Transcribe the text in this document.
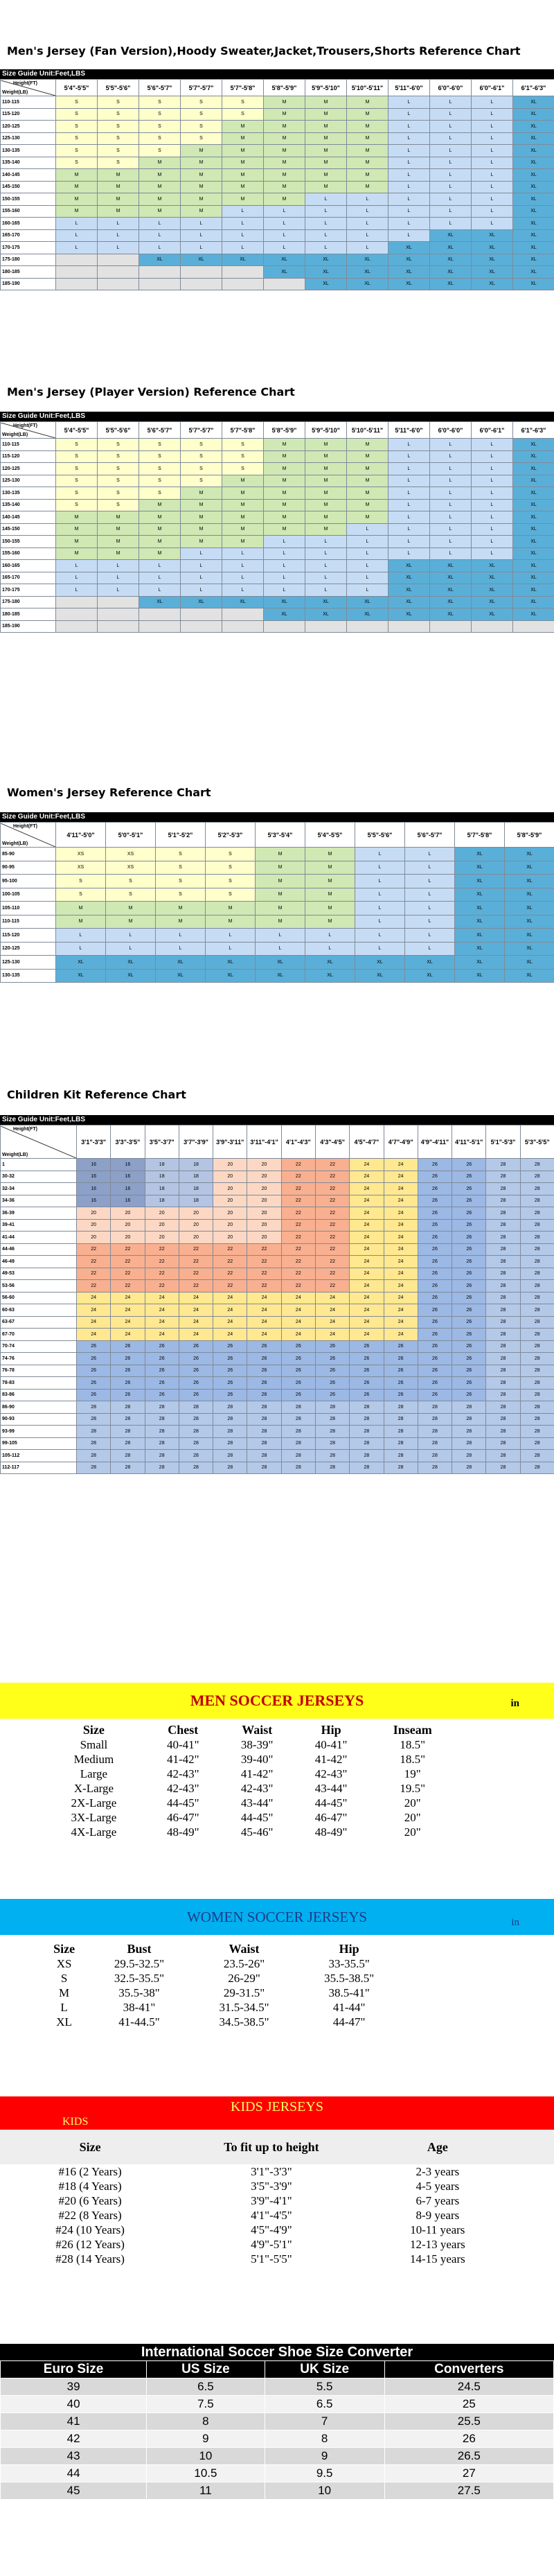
Men's Jersey (Fan Version),Hoody Sweater,Jacket,Trousers,Shorts Reference Chart
Size Guide Unit:Feet,LBS
Height(FT)
Weight(LB)	5'4"-5'5"	5'5"-5'6"	5'6"-5'7"	5'7"-5'7"	5'7"-5'8"	5'8"-5'9"	5'9"-5'10"	5'10"-5'11"	5'11"-6'0"	6'0"-6'0"	6'0"-6'1"	6'1"-6'3"
110-115	S	S	S	S	S	M	M	M	L	L	L	XL
115-120	S	S	S	S	S	M	M	M	L	L	L	XL
120-125	S	S	S	S	M	M	M	M	L	L	L	XL
125-130	S	S	S	S	M	M	M	M	L	L	L	XL
130-135	S	S	S	M	M	M	M	M	L	L	L	XL
135-140	S	S	M	M	M	M	M	M	L	L	L	XL
140-145	M	M	M	M	M	M	M	M	L	L	L	XL
145-150	M	M	M	M	M	M	M	M	L	L	L	XL
150-155	M	M	M	M	M	M	L	L	L	L	L	XL
155-160	M	M	M	M	L	L	L	L	L	L	L	XL
160-165	L	L	L	L	L	L	L	L	L	L	L	XL
165-170	L	L	L	L	L	L	L	L	L	XL	XL	XL
170-175	L	L	L	L	L	L	L	L	XL	XL	XL	XL
175-180			XL	XL	XL	XL	XL	XL	XL	XL	XL	XL
180-185						XL	XL	XL	XL	XL	XL	XL
185-190							XL	XL	XL	XL	XL	XL
Men's Jersey (Player Version) Reference Chart
Size Guide Unit:Feet,LBS
Height(FT)
Weight(LB)	5'4"-5'5"	5'5"-5'6"	5'6"-5'7"	5'7"-5'7"	5'7"-5'8"	5'8"-5'9"	5'9"-5'10"	5'10"-5'11"	5'11"-6'0"	6'0"-6'0"	6'0"-6'1"	6'1"-6'3"
110-115	S	S	S	S	S	M	M	M	L	L	L	XL
115-120	S	S	S	S	S	M	M	M	L	L	L	XL
120-125	S	S	S	S	S	M	M	M	L	L	L	XL
125-130	S	S	S	S	M	M	M	M	L	L	L	XL
130-135	S	S	S	M	M	M	M	M	L	L	L	XL
135-140	S	S	M	M	M	M	M	M	L	L	L	XL
140-145	M	M	M	M	M	M	M	M	L	L	L	XL
145-150	M	M	M	M	M	M	M	L	L	L	L	XL
150-155	M	M	M	M	M	L	L	L	L	L	L	XL
155-160	M	M	M	L	L	L	L	L	L	L	L	XL
160-165	L	L	L	L	L	L	L	L	XL	XL	XL	XL
165-170	L	L	L	L	L	L	L	L	XL	XL	XL	XL
170-175	L	L	L	L	L	L	L	L	XL	XL	XL	XL
175-180			XL	XL	XL	XL	XL	XL	XL	XL	XL	XL
180-185						XL	XL	XL	XL	XL	XL	XL
185-190												
Women's Jersey Reference Chart
Size Guide Unit:Feet,LBS
Height(FT)
Weight(LB)	4'11"-5'0"	5'0"-5'1"	5'1"-5'2"	5'2"-5'3"	5'3"-5'4"	5'4"-5'5"	5'5"-5'6"	5'6"-5'7"	5'7"-5'8"	5'8"-5'9"
85-90	XS	XS	S	S	M	M	L	L	XL	XL
90-95	XS	XS	S	S	M	M	L	L	XL	XL
95-100	S	S	S	S	M	M	L	L	XL	XL
100-105	S	S	S	S	M	M	L	L	XL	XL
105-110	M	M	M	M	M	M	L	L	XL	XL
110-115	M	M	M	M	M	M	L	L	XL	XL
115-120	L	L	L	L	L	L	L	L	XL	XL
120-125	L	L	L	L	L	L	L	L	XL	XL
125-130	XL	XL	XL	XL	XL	XL	XL	XL	XL	XL
130-135	XL	XL	XL	XL	XL	XL	XL	XL	XL	XL
Children Kit Reference Chart
Size Guide Unit:Feet,LBS
Height(FT)
Weight(LB)	3'1"-3'3"	3'3"-3'5"	3'5"-3'7"	3'7"-3'9"	3'9"-3'11"	3'11"-4'1"	4'1"-4'3"	4'3"-4'5"	4'5"-4'7"	4'7"-4'9"	4'9"-4'11"	4'11"-5'1"	5'1"-5'3"	5'3"-5'5"
1	16	16	18	18	20	20	22	22	24	24	26	26	28	28
30-32	16	16	18	18	20	20	22	22	24	24	26	26	28	28
32-34	16	16	18	18	20	20	22	22	24	24	26	26	28	28
34-36	16	16	18	18	20	20	22	22	24	24	26	26	28	28
36-39	20	20	20	20	20	20	22	22	24	24	26	26	28	28
39-41	20	20	20	20	20	20	22	22	24	24	26	26	28	28
41-44	20	20	20	20	20	20	22	22	24	24	26	26	28	28
44-46	22	22	22	22	22	22	22	22	24	24	26	26	28	28
46-49	22	22	22	22	22	22	22	22	24	24	26	26	28	28
49-53	22	22	22	22	22	22	22	22	24	24	26	26	28	28
53-56	22	22	22	22	22	22	22	22	24	24	26	26	28	28
56-60	24	24	24	24	24	24	24	24	24	24	26	26	28	28
60-63	24	24	24	24	24	24	24	24	24	24	26	26	28	28
63-67	24	24	24	24	24	24	24	24	24	24	26	26	28	28
67-70	24	24	24	24	24	24	24	24	24	24	26	26	28	28
70-74	26	26	26	26	26	26	26	26	26	26	26	26	28	28
74-76	26	26	26	26	26	26	26	26	26	26	26	26	28	28
76-78	26	26	26	26	26	26	26	26	26	26	26	26	28	28
78-83	26	26	26	26	26	26	26	26	26	26	26	26	28	28
83-86	26	26	26	26	26	26	26	26	26	26	26	26	28	28
86-90	28	28	28	28	28	28	28	28	28	28	28	28	28	28
90-93	28	28	28	28	28	28	28	28	28	28	28	28	28	28
93-99	28	28	28	28	28	28	28	28	28	28	28	28	28	28
99-105	28	28	28	28	28	28	28	28	28	28	28	28	28	28
105-112	28	28	28	28	28	28	28	28	28	28	28	28	28	28
112-117	28	28	28	28	28	28	28	28	28	28	28	28	28	28
MEN SOCCER JERSEYS	in
Size	Chest	Waist	Hip	Inseam
Small	40-41"	38-39"	40-41"	18.5"
Medium	41-42"	39-40"	41-42"	18.5"
Large	42-43"	41-42"	42-43"	19"
X-Large	42-43"	42-43"	43-44"	19.5"
2X-Large	44-45"	43-44"	44-45"	20"
3X-Large	46-47"	44-45"	46-47"	20"
4X-Large	48-49"	45-46"	48-49"	20"
WOMEN SOCCER JERSEYS	in
Size	Bust	Waist	Hip
XS	29.5-32.5"	23.5-26"	33-35.5"
S	32.5-35.5"	26-29"	35.5-38.5"
M	35.5-38"	29-31.5"	38.5-41"
L	38-41"	31.5-34.5"	41-44"
XL	41-44.5"	34.5-38.5"	44-47"
KIDS JERSEYS
KIDS
Size	To fit up to height	Age
#16 (2 Years)	3'1"-3'3"	2-3 years
#18 (4 Years)	3'5"-3'9"	4-5 years
#20 (6 Years)	3'9"-4'1"	6-7 years
#22 (8 Years)	4'1"-4'5"	8-9 years
#24 (10 Years)	4'5"-4'9"	10-11 years
#26 (12 Years)	4'9"-5'1"	12-13 years
#28 (14 Years)	5'1"-5'5"	14-15 years
International Soccer Shoe Size Converter
Euro Size	US Size	UK Size	Converters
39	6.5	5.5	24.5
40	7.5	6.5	25
41	8	7	25.5
42	9	8	26
43	10	9	26.5
44	10.5	9.5	27
45	11	10	27.5
